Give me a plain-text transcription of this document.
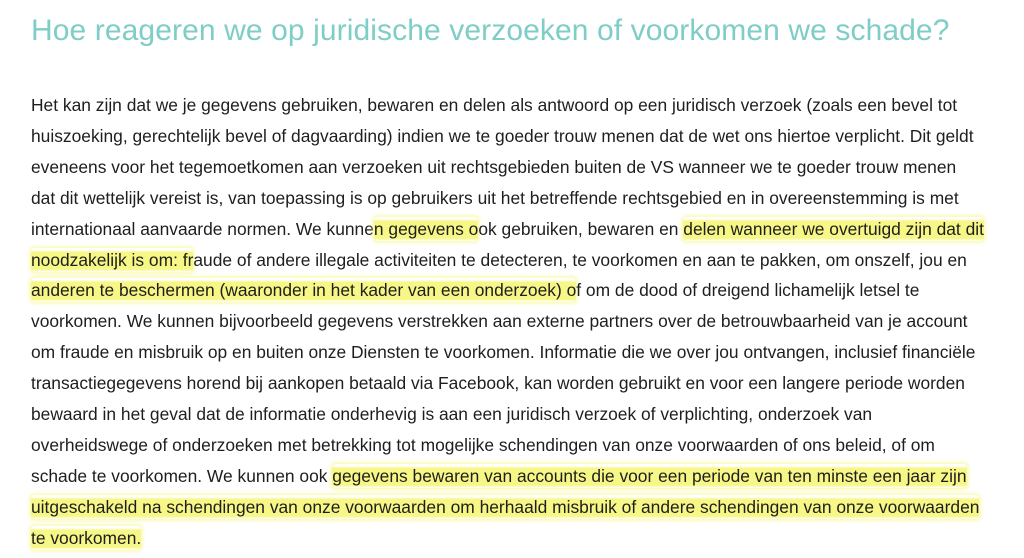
Hoe reageren we op juridische verzoeken of voorkomen we schade?
Het kan zijn dat we je gegevens gebruiken, bewaren en delen als antwoord op een juridisch verzoek (zoals een bevel tot
huiszoeking, gerechtelijk bevel of dagvaarding) indien we te goeder trouw menen dat de wet ons hiertoe verplicht. Dit geldt
eveneens voor het tegemoetkomen aan verzoeken uit rechtsgebieden buiten de VS wanneer we te goeder trouw menen
dat dit wettelijk vereist is, van toepassing is op gebruikers uit het betreffende rechtsgebied en in overeenstemming is met
internationaal aanvaarde normen. We kunnen gegevens ook gebruiken, bewaren en delen wanneer we overtuigd zijn dat dit
noodzakelijk is om: fraude of andere illegale activiteiten te detecteren, te voorkomen en aan te pakken, om onszelf, jou en
anderen te beschermen (waaronder in het kader van een onderzoek) of om de dood of dreigend lichamelijk letsel te
voorkomen. We kunnen bijvoorbeeld gegevens verstrekken aan externe partners over de betrouwbaarheid van je account
om fraude en misbruik op en buiten onze Diensten te voorkomen. Informatie die we over jou ontvangen, inclusief financiële
transactiegegevens horend bij aankopen betaald via Facebook, kan worden gebruikt en voor een langere periode worden
bewaard in het geval dat de informatie onderhevig is aan een juridisch verzoek of verplichting, onderzoek van
overheidswege of onderzoeken met betrekking tot mogelijke schendingen van onze voorwaarden of ons beleid, of om
schade te voorkomen. We kunnen ook gegevens bewaren van accounts die voor een periode van ten minste een jaar zijn
uitgeschakeld na schendingen van onze voorwaarden om herhaald misbruik of andere schendingen van onze voorwaarden
te voorkomen.
